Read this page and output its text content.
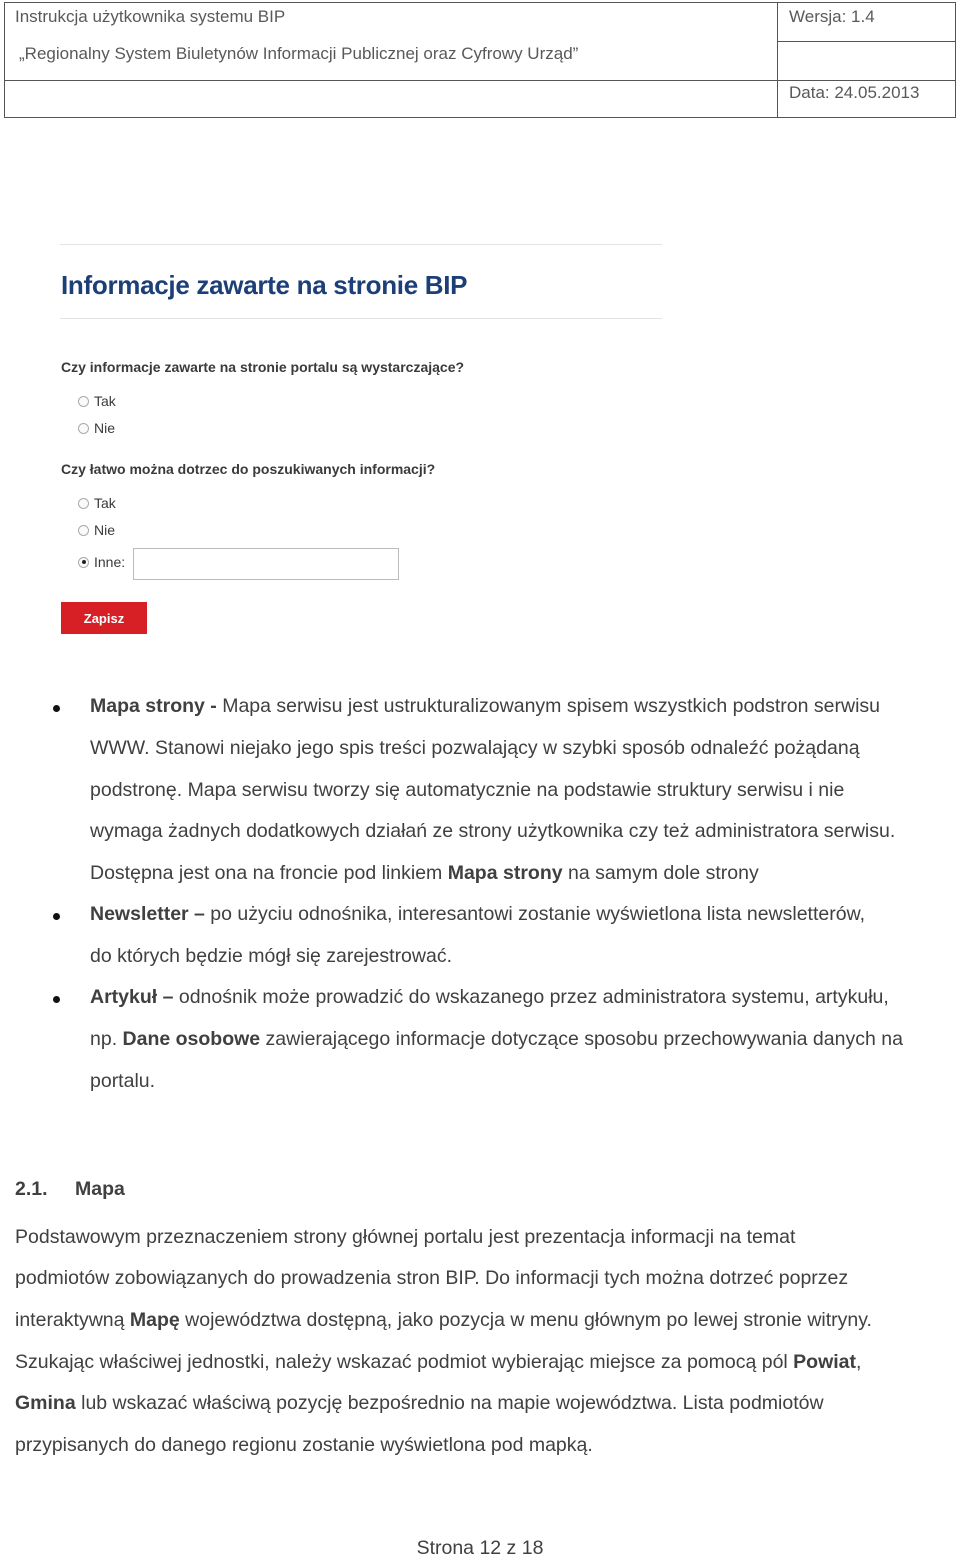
Instrukcja użytkownika systemu BIP
„Regionalny System Biuletynów Informacji Publicznej oraz Cyfrowy Urząd”
Wersja: 1.4
Data: 24.05.2013
Informacje zawarte na stronie BIP
Czy informacje zawarte na stronie portalu są wystarczające?
Tak
Nie
Czy łatwo można dotrzec do poszukiwanych informacji?
Tak
Nie
Inne:
Zapisz
Mapa strony - Mapa serwisu jest ustrukturalizowanym spisem wszystkich podstron serwisu
WWW. Stanowi niejako jego spis treści pozwalający w szybki sposób odnaleźć pożądaną
podstronę. Mapa serwisu tworzy się automatycznie na podstawie struktury serwisu i nie
wymaga żadnych dodatkowych działań ze strony użytkownika czy też administratora serwisu.
Dostępna jest ona na froncie pod linkiem Mapa strony na samym dole strony
Newsletter – po użyciu odnośnika, interesantowi zostanie wyświetlona lista newsletterów,
do których będzie mógł się zarejestrować.
Artykuł – odnośnik może prowadzić do wskazanego przez administratora systemu, artykułu,
np. Dane osobowe zawierającego informacje dotyczące sposobu przechowywania danych na
portalu.
2.1. Mapa
Podstawowym przeznaczeniem strony głównej portalu jest prezentacja informacji na temat
podmiotów zobowiązanych do prowadzenia stron BIP. Do informacji tych można dotrzeć poprzez
interaktywną Mapę województwa dostępną, jako pozycja w menu głównym po lewej stronie witryny.
Szukając właściwej jednostki, należy wskazać podmiot wybierając miejsce za pomocą pól Powiat,
Gmina lub wskazać właściwą pozycję bezpośrednio na mapie województwa. Lista podmiotów
przypisanych do danego regionu zostanie wyświetlona pod mapką.
Strona 12 z 18
